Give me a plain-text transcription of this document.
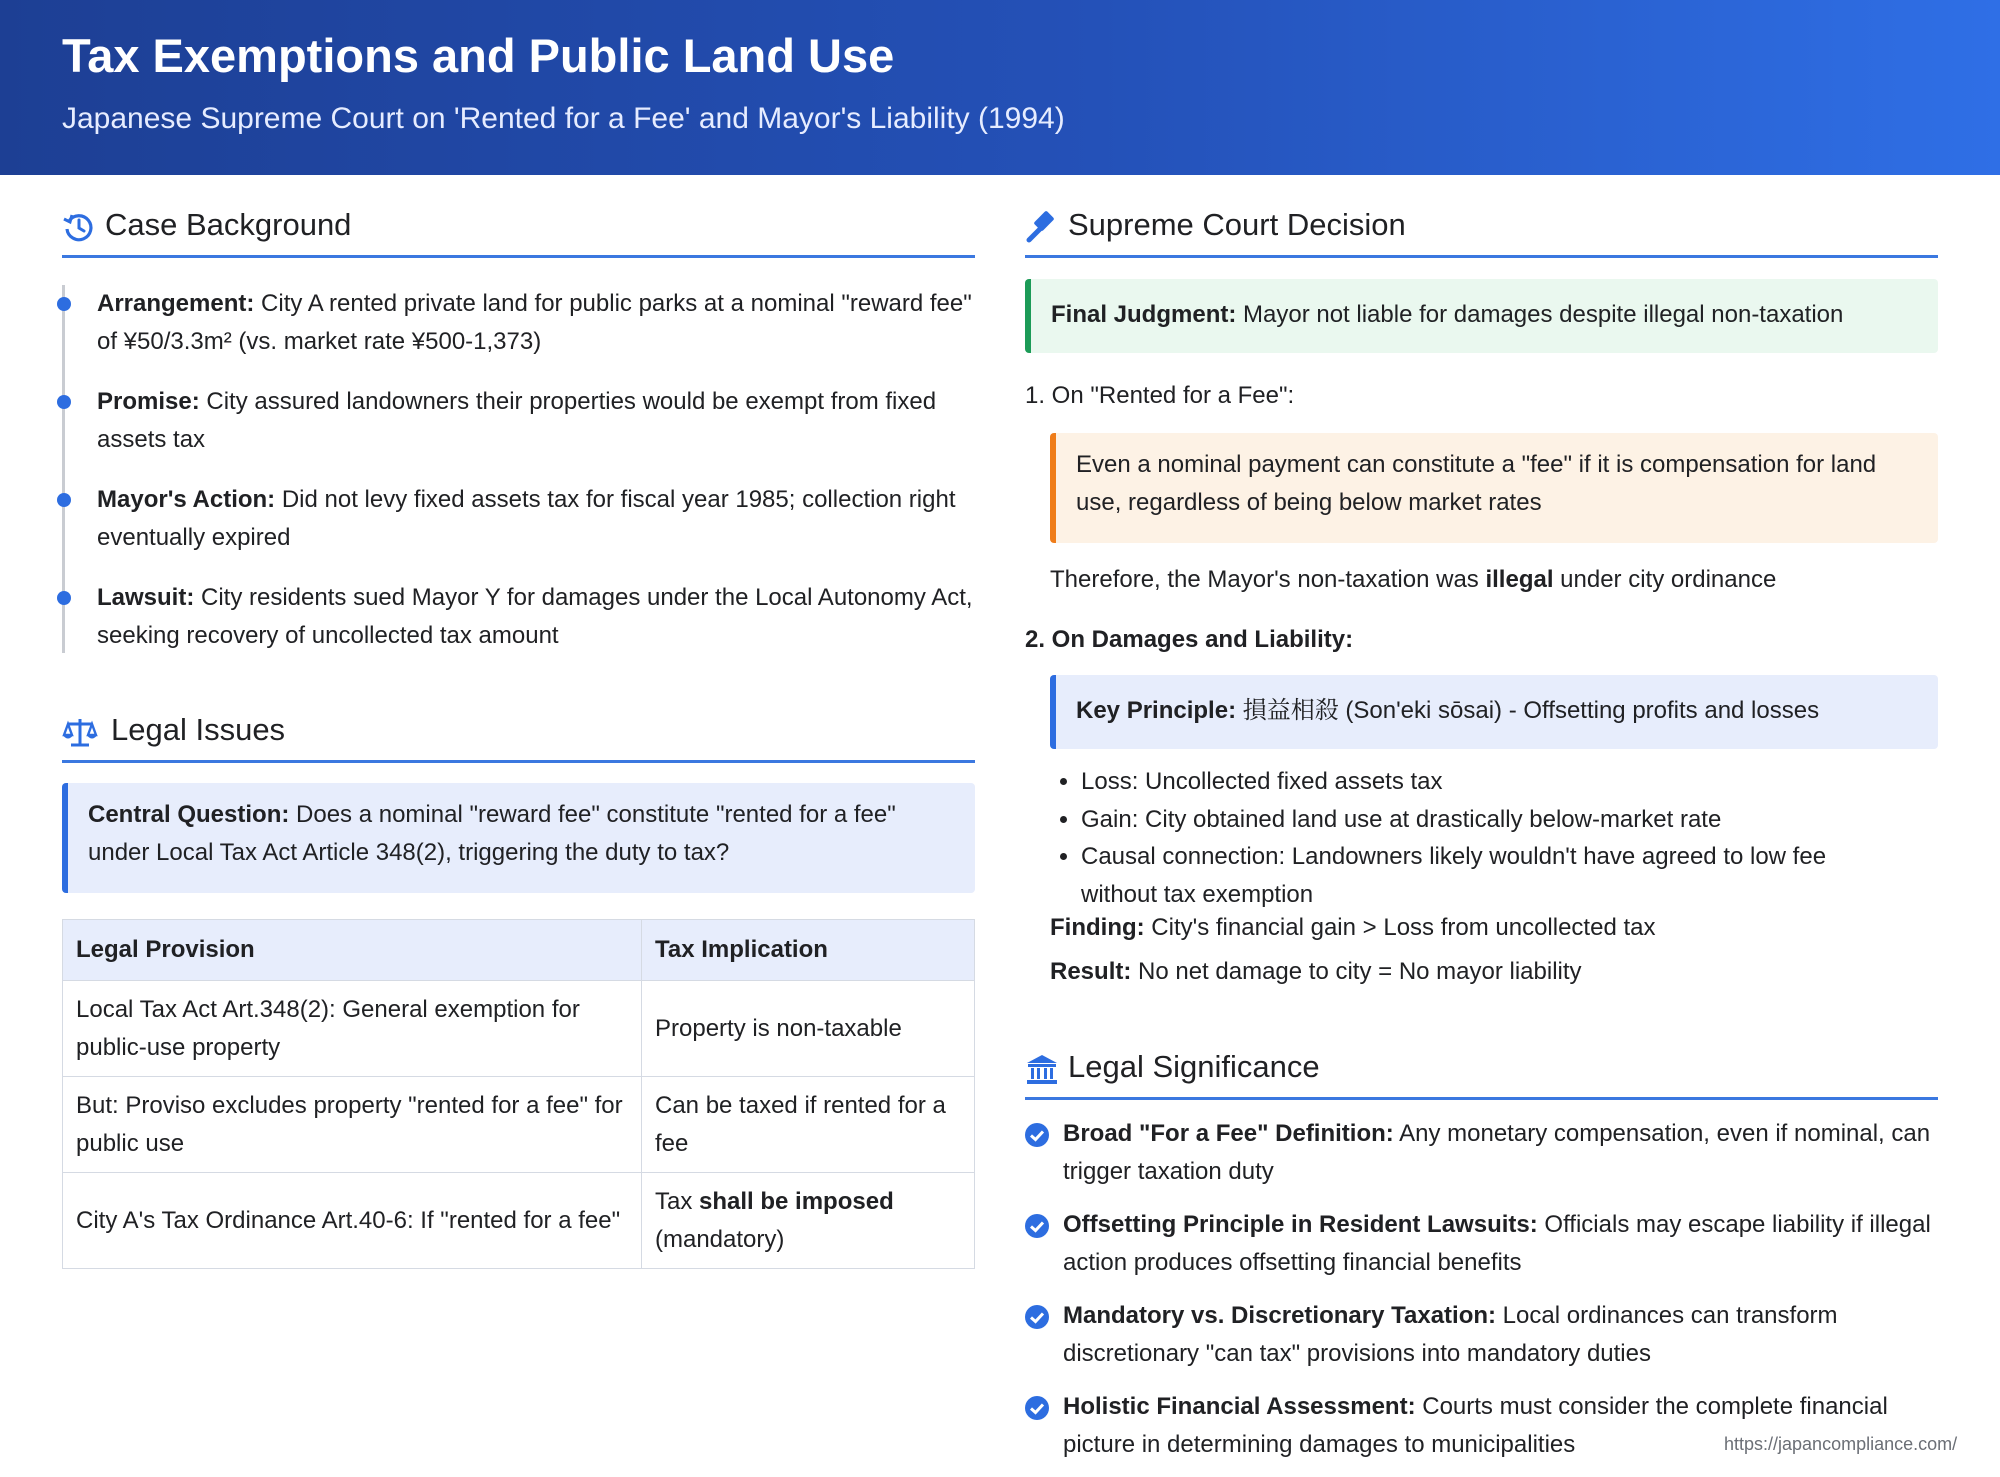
Tax Exemptions and Public Land Use
Japanese Supreme Court on 'Rented for a Fee' and Mayor's Liability (1994)
Case Background
Arrangement: City A rented private land for public parks at a nominal "reward fee" of ¥50/3.3m² (vs. market rate ¥500-1,373)
Promise: City assured landowners their properties would be exempt from fixed assets tax
Mayor's Action: Did not levy fixed assets tax for fiscal year 1985; collection right eventually expired
Lawsuit: City residents sued Mayor Y for damages under the Local Autonomy Act, seeking recovery of uncollected tax amount
Legal Issues
Central Question: Does a nominal "reward fee" constitute "rented for a fee" under Local Tax Act Article 348(2), triggering the duty to tax?
Legal Provision	Tax Implication
Local Tax Act Art.348(2): General exemption for public-use property	Property is non-taxable
But: Proviso excludes property "rented for a fee" for public use	Can be taxed if rented for a fee
City A's Tax Ordinance Art.40-6: If "rented for a fee"	Tax shall be imposed (mandatory)
Supreme Court Decision
Final Judgment: Mayor not liable for damages despite illegal non-taxation
1. On "Rented for a Fee":
Even a nominal payment can constitute a "fee" if it is compensation for land use, regardless of being below market rates
Therefore, the Mayor's non-taxation was illegal under city ordinance
2. On Damages and Liability:
Key Principle: 損益相殺 (Son'eki sōsai) - Offsetting profits and losses
• Loss: Uncollected fixed assets tax
• Gain: City obtained land use at drastically below-market rate
• Causal connection: Landowners likely wouldn't have agreed to low fee without tax exemption
Finding: City's financial gain > Loss from uncollected tax
Result: No net damage to city = No mayor liability
Legal Significance
Broad "For a Fee" Definition: Any monetary compensation, even if nominal, can trigger taxation duty
Offsetting Principle in Resident Lawsuits: Officials may escape liability if illegal action produces offsetting financial benefits
Mandatory vs. Discretionary Taxation: Local ordinances can transform discretionary "can tax" provisions into mandatory duties
Holistic Financial Assessment: Courts must consider the complete financial picture in determining damages to municipalities	https://japancompliance.com/
